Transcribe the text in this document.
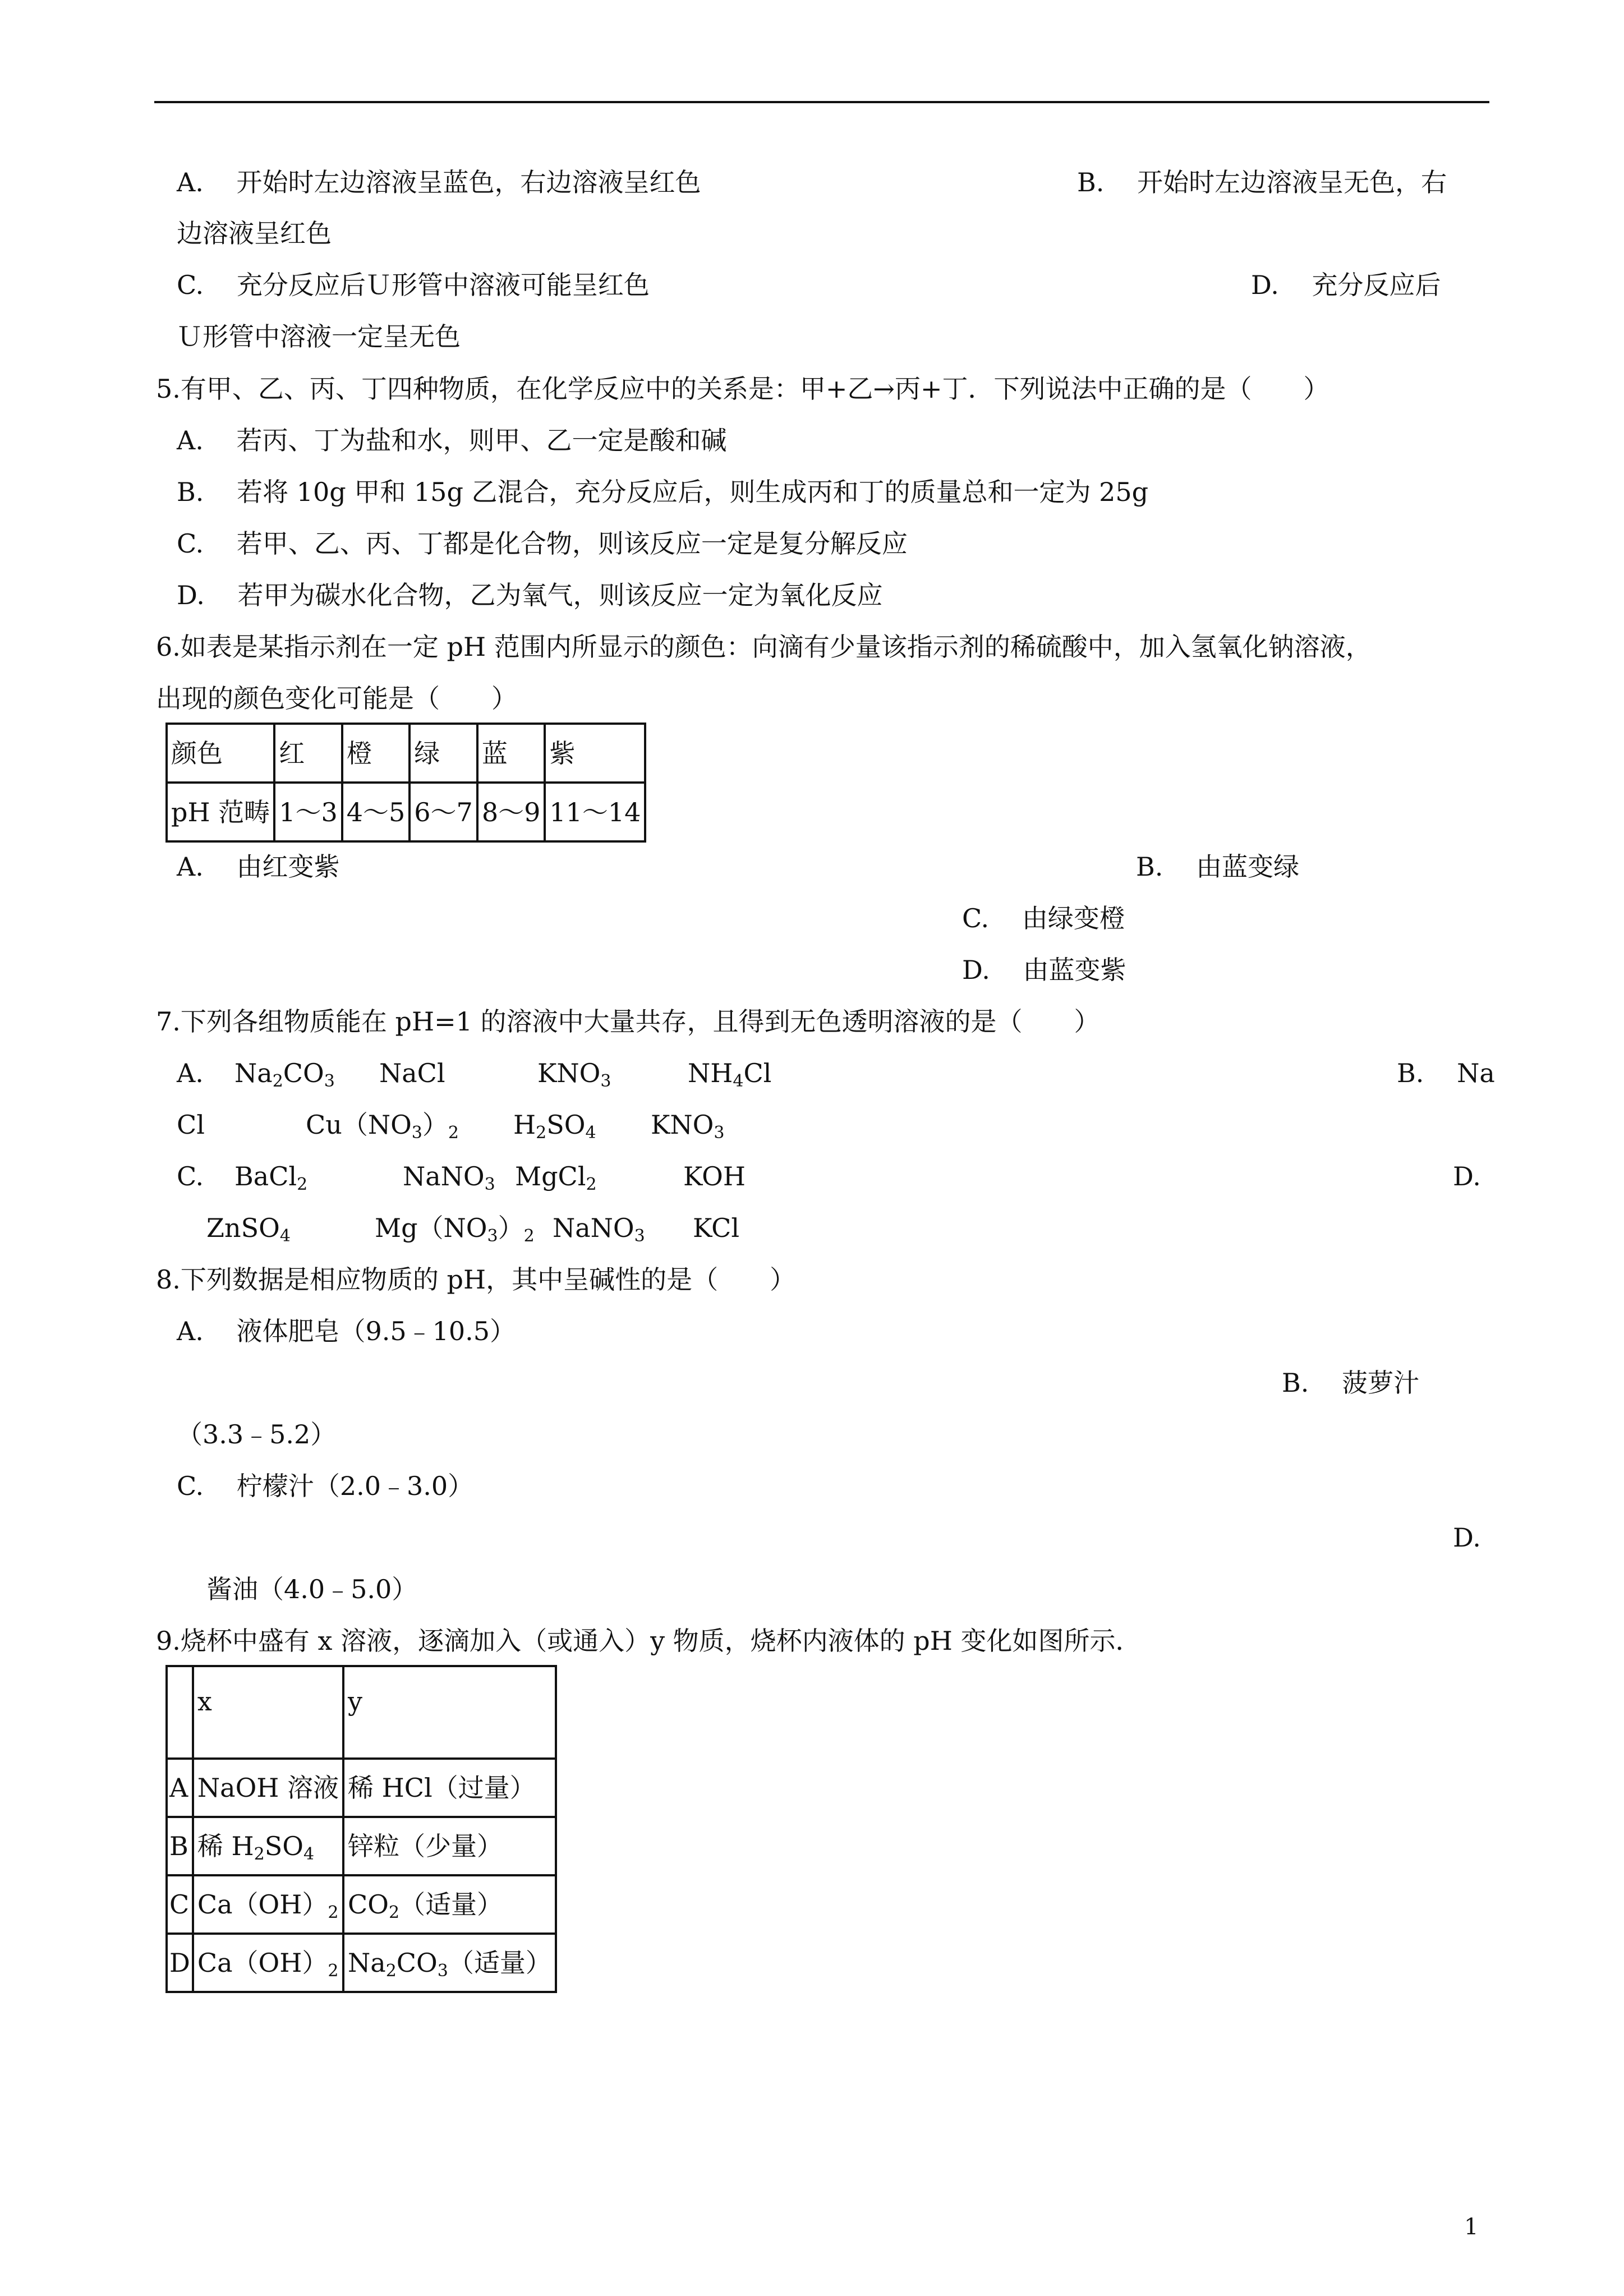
A. 开始时左边溶液呈蓝色，右边溶液呈红色	B. 开始时左边溶液呈无色，右
边溶液呈红色
C. 充分反应后Ｕ形管中溶液可能呈红色	D. 充分反应后
Ｕ形管中溶液一定呈无色
5.有甲、乙、丙、丁四种物质，在化学反应中的关系是：甲+乙→丙+丁．下列说法中正确的是（　　）
A. 若丙、丁为盐和水，则甲、乙一定是酸和碱
B. 若将 10g 甲和 15g 乙混合，充分反应后，则生成丙和丁的质量总和一定为 25g
C. 若甲、乙、丙、丁都是化合物，则该反应一定是复分解反应
D. 若甲为碳水化合物，乙为氧气，则该反应一定为氧化反应
6.如表是某指示剂在一定 pH 范围内所显示的颜色：向滴有少量该指示剂的稀硫酸中，加入氢氧化钠溶液，
出现的颜色变化可能是（　　）
颜色	红	橙	绿	蓝	紫
pH 范畴	1～3	4～5	6～7	8～9	11～14
A. 由红变紫	B. 由蓝变绿
C. 由绿变橙
D. 由蓝变紫
7.下列各组物质能在 pH=1 的溶液中大量共存，且得到无色透明溶液的是（　　）
A. $Na_2CO_3$ NaCl	$KNO_3$	$NH_4Cl$	B. Na
Cl	$Cu(NO_3)_2$ $H_2SO_4$ $KNO_3$
C. BaCl$_2$	NaNO$_3$ MgCl$_2$	KOH	D.
ZnSO$_4$	$Mg(NO_3)_2$ NaNO$_3$ KCl
8.下列数据是相应物质的 pH，其中呈碱性的是（　　）
A. 液体肥皂（9.5﹣10.5）
B. 菠萝汁
（3.3﹣5.2）
C. 柠檬汁（2.0﹣3.0）
D.
酱油（4.0﹣5.0）
9.烧杯中盛有 x 溶液，逐滴加入（或通入）y 物质，烧杯内液体的 pH 变化如图所示．
	x	y
A	NaOH 溶液	稀 HCl（过量）
B	稀 $H_2SO_4$	锌粒（少量）
C	$Ca(OH)_2$	$CO_2$（适量）
D	$Ca(OH)_2$	$Na_2CO_3$（适量）
1
